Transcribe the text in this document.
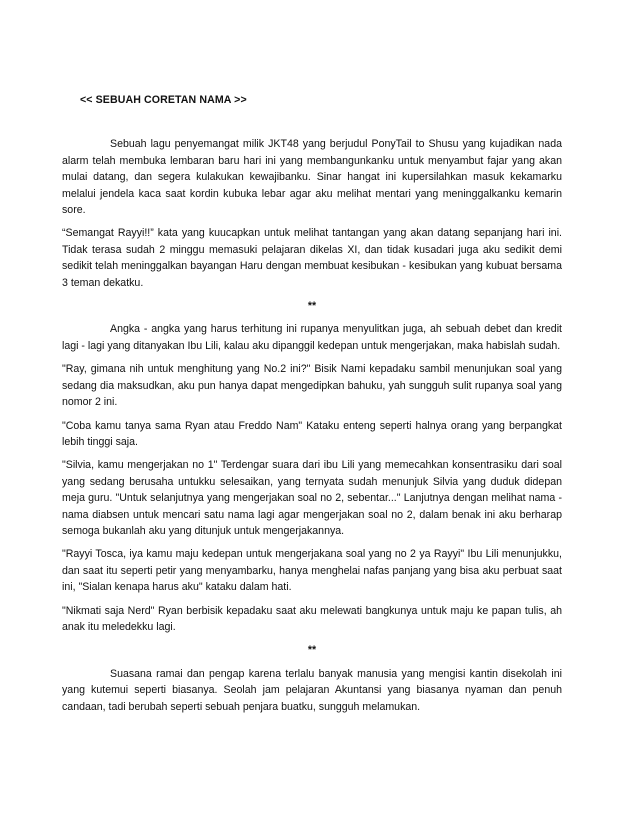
<< SEBUAH CORETAN NAMA >>

Sebuah lagu penyemangat milik JKT48 yang berjudul PonyTail to Shusu yang kujadikan nada alarm telah membuka lembaran baru hari ini yang membangunkanku untuk menyambut fajar yang akan mulai datang, dan segera kulakukan kewajibanku. Sinar hangat ini kupersilahkan masuk kekamarku melalui jendela kaca saat kordin kubuka lebar agar aku melihat mentari yang meninggalkanku kemarin sore.

“Semangat Rayyi!!” kata yang kuucapkan untuk melihat tantangan yang akan datang sepanjang hari ini. Tidak terasa sudah 2 minggu memasuki pelajaran dikelas XI, dan tidak kusadari juga aku sedikit demi sedikit telah meninggalkan bayangan Haru dengan membuat kesibukan - kesibukan yang kubuat bersama 3 teman dekatku.

**

Angka - angka yang harus terhitung ini rupanya menyulitkan juga, ah sebuah debet dan kredit lagi - lagi yang ditanyakan Ibu Lili, kalau aku dipanggil kedepan untuk mengerjakan, maka habislah sudah.

"Ray, gimana nih untuk menghitung yang No.2 ini?" Bisik Nami kepadaku sambil menunjukan soal yang sedang dia maksudkan, aku pun hanya dapat mengedipkan bahuku, yah sungguh sulit rupanya soal yang nomor 2 ini.

"Coba kamu tanya sama Ryan atau Freddo Nam" Kataku enteng seperti halnya orang yang berpangkat lebih tinggi saja.

"Silvia, kamu mengerjakan no 1" Terdengar suara dari ibu Lili yang memecahkan konsentrasiku dari soal yang sedang berusaha untukku selesaikan, yang ternyata sudah menunjuk Silvia yang duduk didepan meja guru. "Untuk selanjutnya yang mengerjakan soal no 2, sebentar..." Lanjutnya dengan melihat nama - nama diabsen untuk mencari satu nama lagi agar mengerjakan soal no 2, dalam benak ini aku berharap semoga bukanlah aku yang ditunjuk untuk mengerjakannya.

"Rayyi Tosca, iya kamu maju kedepan untuk mengerjakana soal yang no 2 ya Rayyi" Ibu Lili menunjukku, dan saat itu seperti petir yang menyambarku, hanya menghelai nafas panjang yang bisa aku perbuat saat ini, "Sialan kenapa harus aku" kataku dalam hati.

"Nikmati saja Nerd" Ryan berbisik kepadaku saat aku melewati bangkunya untuk maju ke papan tulis, ah anak itu meledekku lagi.

**

Suasana ramai dan pengap karena terlalu banyak manusia yang mengisi kantin disekolah ini yang kutemui seperti biasanya. Seolah jam pelajaran Akuntansi yang biasanya nyaman dan penuh candaan, tadi berubah seperti sebuah penjara buatku, sungguh melamukan.
